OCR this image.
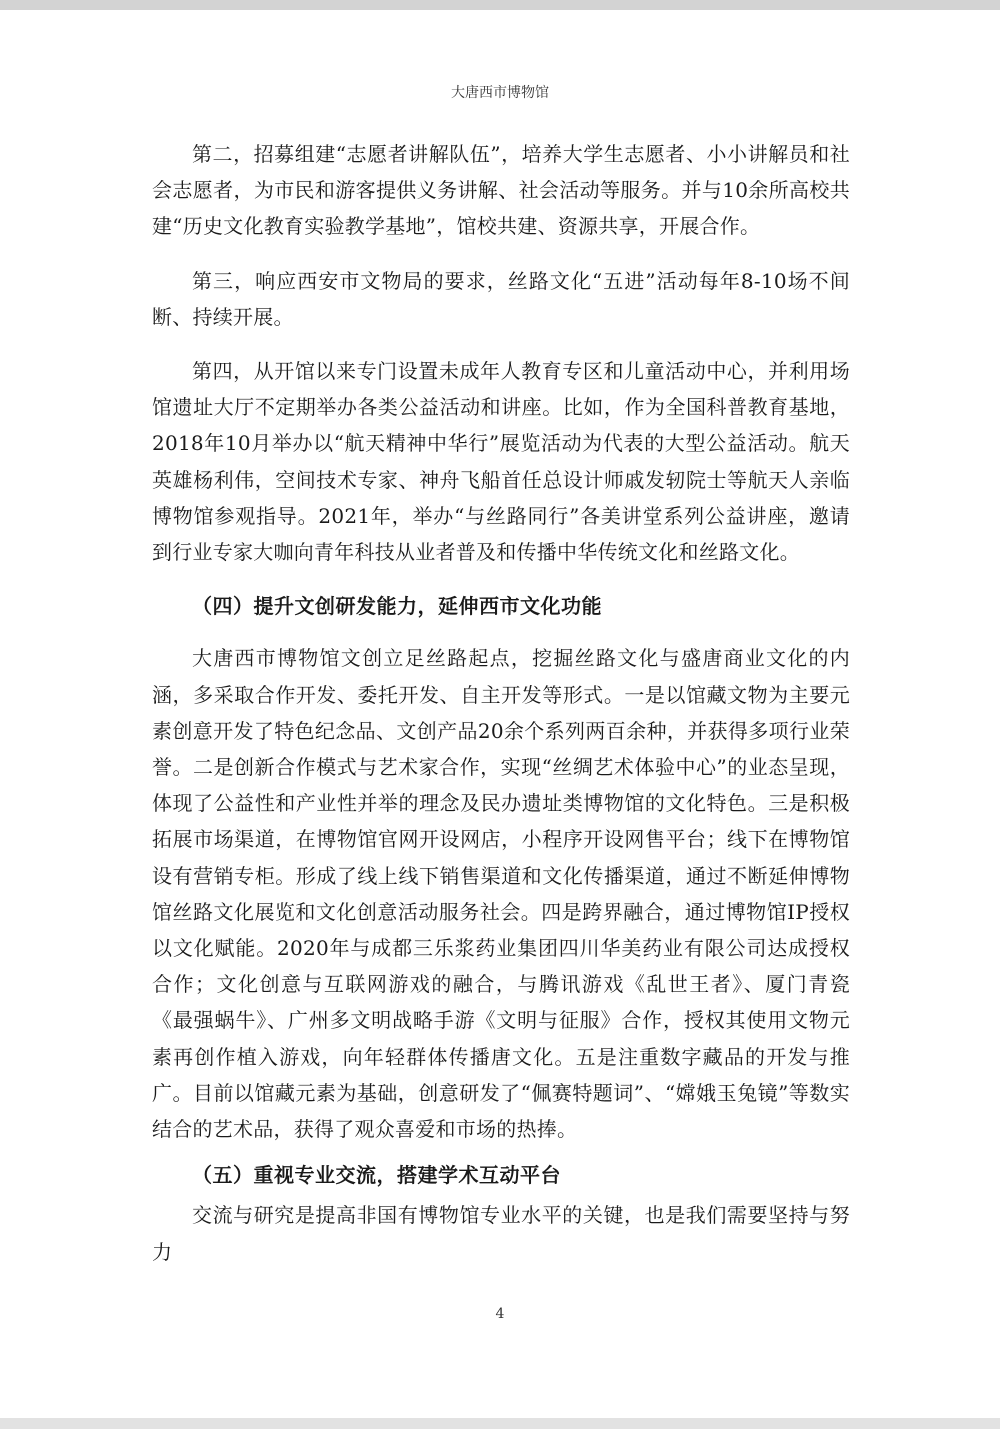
大唐西市博物馆

第二，招募组建“志愿者讲解队伍”，培养大学生志愿者、小小讲解员和社会志愿者，为市民和游客提供义务讲解、社会活动等服务。并与10余所高校共建“历史文化教育实验教学基地”，馆校共建、资源共享，开展合作。

第三，响应西安市文物局的要求，丝路文化“五进”活动每年8-10场不间断、持续开展。

第四，从开馆以来专门设置未成年人教育专区和儿童活动中心，并利用场馆遗址大厅不定期举办各类公益活动和讲座。比如，作为全国科普教育基地，2018年10月举办以“航天精神中华行”展览活动为代表的大型公益活动。航天英雄杨利伟，空间技术专家、神舟飞船首任总设计师戚发轫院士等航天人亲临博物馆参观指导。2021年，举办“与丝路同行”各美讲堂系列公益讲座，邀请到行业专家大咖向青年科技从业者普及和传播中华传统文化和丝路文化。

（四）提升文创研发能力，延伸西市文化功能

大唐西市博物馆文创立足丝路起点，挖掘丝路文化与盛唐商业文化的内涵，多采取合作开发、委托开发、自主开发等形式。一是以馆藏文物为主要元素创意开发了特色纪念品、文创产品20余个系列两百余种，并获得多项行业荣誉。二是创新合作模式与艺术家合作，实现“丝绸艺术体验中心”的业态呈现，体现了公益性和产业性并举的理念及民办遗址类博物馆的文化特色。三是积极拓展市场渠道，在博物馆官网开设网店，小程序开设网售平台；线下在博物馆设有营销专柜。形成了线上线下销售渠道和文化传播渠道，通过不断延伸博物馆丝路文化展览和文化创意活动服务社会。四是跨界融合，通过博物馆IP授权以文化赋能。2020年与成都三乐浆药业集团四川华美药业有限公司达成授权合作；文化创意与互联网游戏的融合，与腾讯游戏《乱世王者》、厦门青瓷《最强蜗牛》、广州多文明战略手游《文明与征服》合作，授权其使用文物元素再创作植入游戏，向年轻群体传播唐文化。五是注重数字藏品的开发与推广。目前以馆藏元素为基础，创意研发了“佩赛特题词”、“嫦娥玉兔镜”等数实结合的艺术品，获得了观众喜爱和市场的热捧。

（五）重视专业交流，搭建学术互动平台

交流与研究是提高非国有博物馆专业水平的关键，也是我们需要坚持与努力

4
